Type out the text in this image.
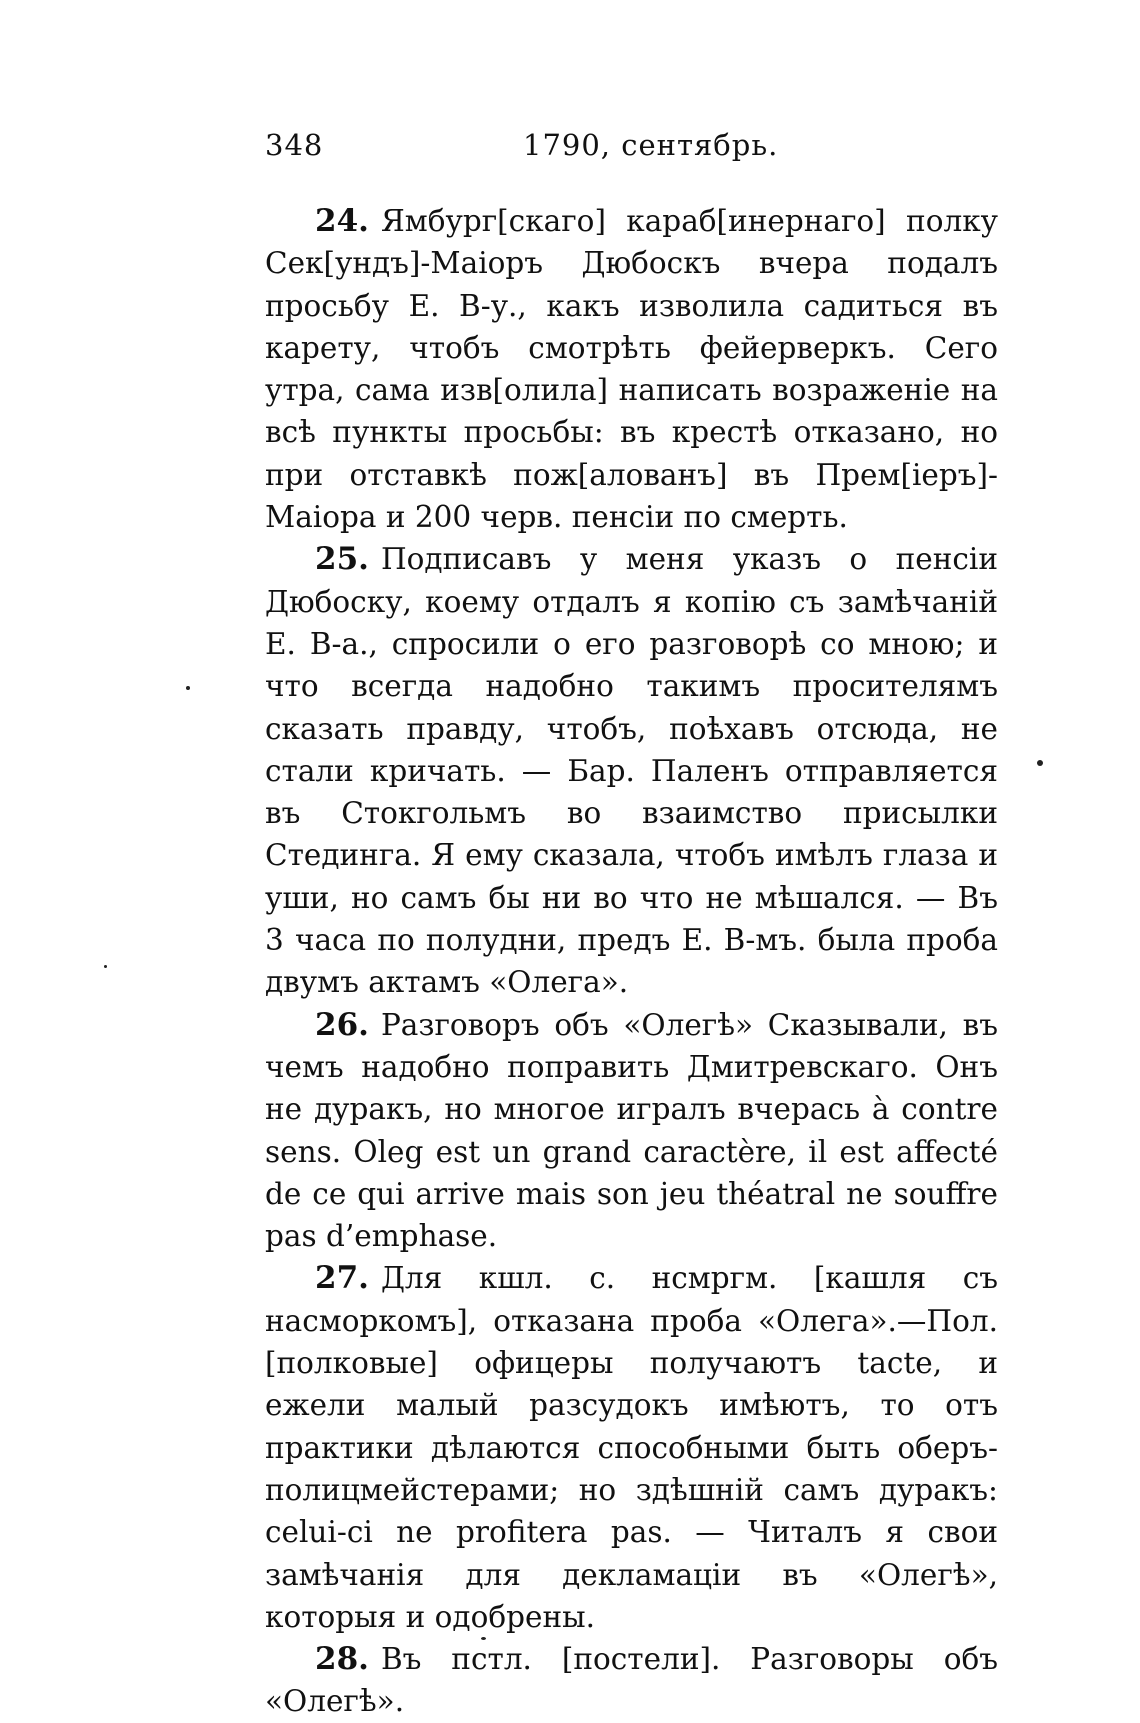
348	1790, сентябрь.

24. Ямбург[скаго] караб[инернаго] полку Сек[ундъ]-Маіоръ Дюбоскъ вчера подалъ просьбу Е. В-у., какъ изволила садиться въ карету, чтобъ смотрѣть фейерверкъ. Сего утра, сама изв[олила] написать возраженіе на всѣ пункты просьбы: въ крестѣ отказано, но при отставкѣ пож[алованъ] въ Прем[іеръ]-Маіора и 200 черв. пенсіи по смерть.

25. Подписавъ у меня указъ о пенсіи Дюбоску, коему отдалъ я копію съ замѣчаній Е. В-а., спросили о его разговорѣ со мною; и что всегда надобно такимъ просителямъ сказать правду, чтобъ, поѣхавъ отсюда, не стали кричать. — Бар. Паленъ отправляется въ Стокгольмъ во взаимство присылки Стединга. Я ему сказала, чтобъ имѣлъ глаза и уши, но самъ бы ни во что не мѣшался. — Въ 3 часа по полудни, предъ Е. В-мъ. была проба двумъ актамъ «Олега».

26. Разговоръ объ «Олегѣ» Сказывали, въ чемъ надобно поправить Дмитревскаго. Онъ не дуракъ, но многое игралъ вчерась à contre sens. Oleg est un grand caractère, il est affecté de ce qui arrive mais son jeu théatral ne souffre pas d’emphase.

27. Для кшл. с. нсмргм. [кашля съ насморкомъ], отказана проба «Олега».—Пол. [полковые] офицеры получаютъ tacte, и ежели малый разсудокъ имѣютъ, то отъ практики дѣлаются способными быть оберъ-полицмейстерами; но здѣшній самъ дуракъ: celui-ci ne profitera pas. — Читалъ я свои замѣчанія для декламаціи въ «Олегѣ», которыя и одобрены.

28. Въ пстл. [постели]. Разговоры объ «Олегѣ».
